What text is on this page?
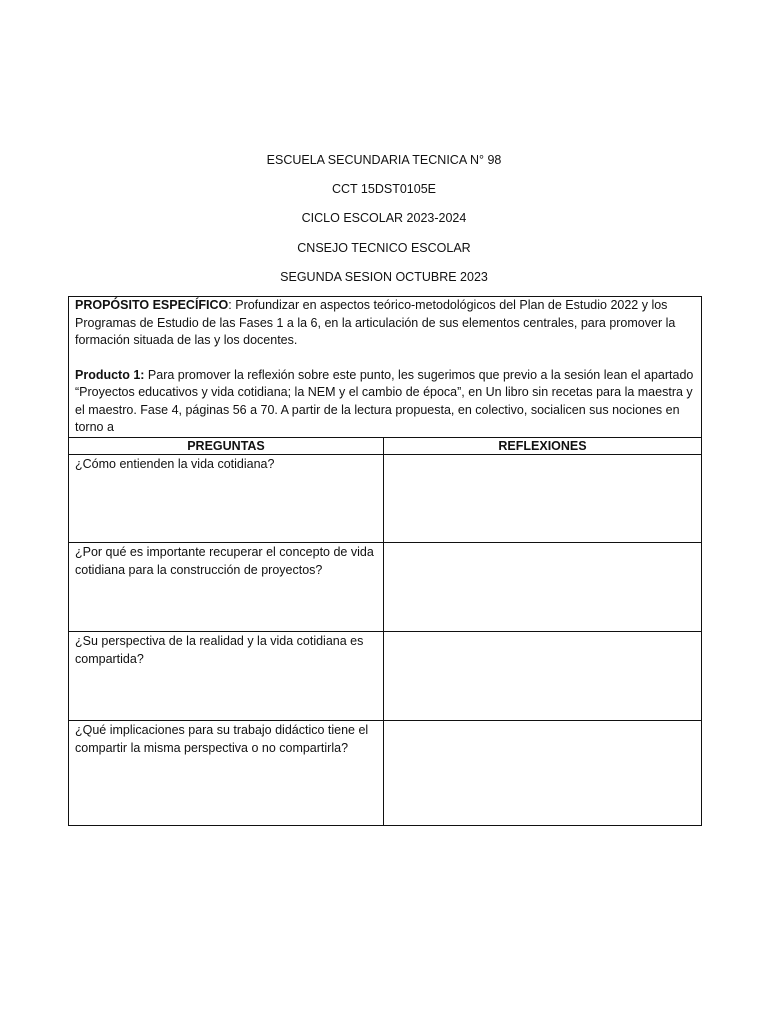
ESCUELA SECUNDARIA TECNICA N° 98
CCT 15DST0105E
CICLO ESCOLAR 2023-2024
CNSEJO TECNICO ESCOLAR
SEGUNDA SESION OCTUBRE 2023

PROPÓSITO ESPECÍFICO: Profundizar en aspectos teórico-metodológicos del Plan de Estudio 2022 y los Programas de Estudio de las Fases 1 a la 6, en la articulación de sus elementos centrales, para promover la formación situada de las y los docentes.

Producto 1: Para promover la reflexión sobre este punto, les sugerimos que previo a la sesión lean el apartado “Proyectos educativos y vida cotidiana; la NEM y el cambio de época”, en Un libro sin recetas para la maestra y el maestro. Fase 4, páginas 56 a 70. A partir de la lectura propuesta, en colectivo, socialicen sus nociones en torno a	

PREGUNTAS	REFLEXIONES
¿Cómo entienden la vida cotidiana?	
¿Por qué es importante recuperar el concepto de vida cotidiana para la construcción de proyectos?	
¿Su perspectiva de la realidad y la vida cotidiana es compartida?	
¿Qué implicaciones para su trabajo didáctico tiene el compartir la misma perspectiva o no compartirla?	
